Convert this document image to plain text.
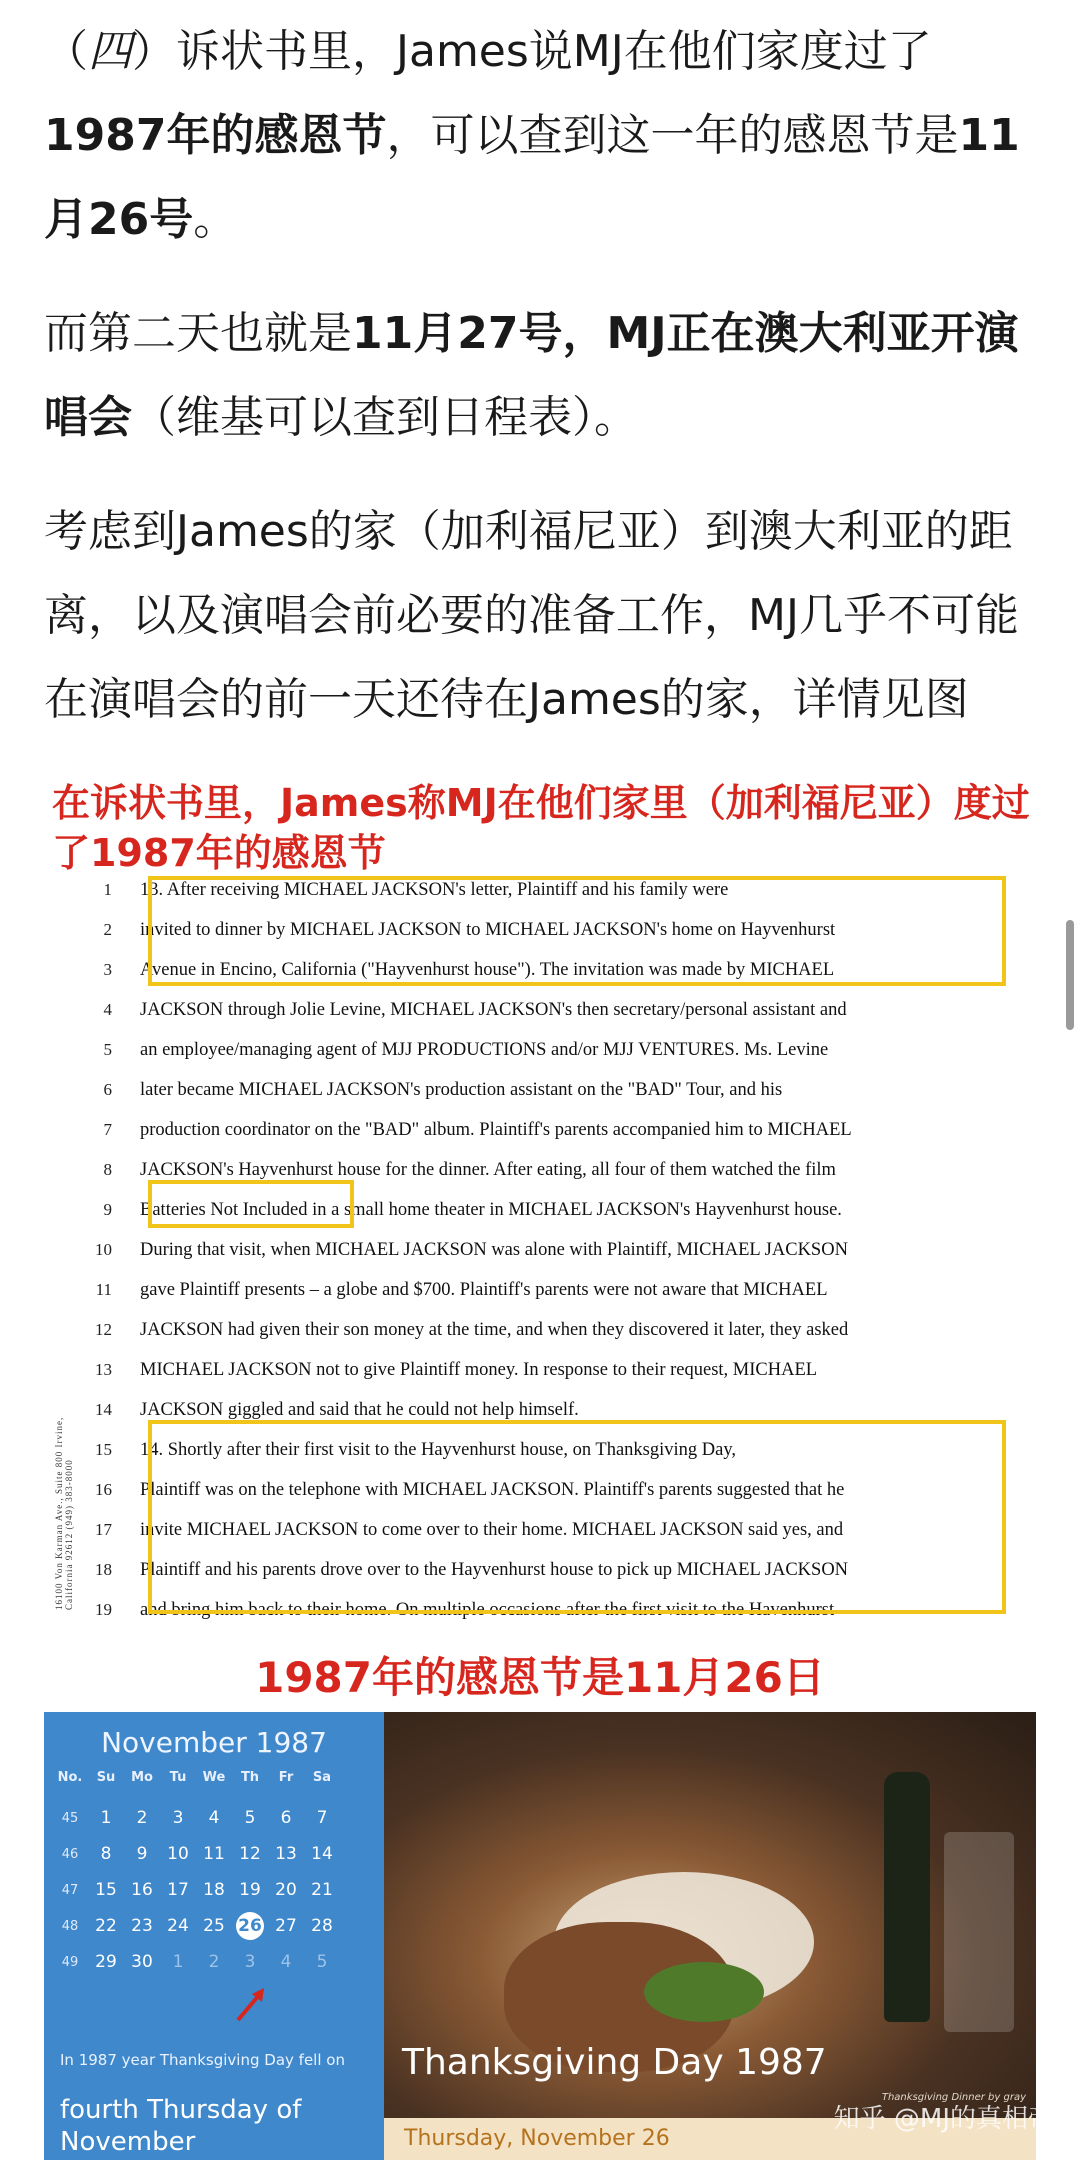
（四）诉状书里，James说MJ在他们家度过了1987年的感恩节，可以查到这一年的感恩节是11月26号。
而第二天也就是11月27号，MJ正在澳大利亚开演唱会（维基可以查到日程表）。
考虑到James的家（加利福尼亚）到澳大利亚的距离，以及演唱会前必要的准备工作，MJ几乎不可能在演唱会的前一天还待在James的家，详情见图
在诉状书里，James称MJ在他们家里（加利福尼亚）度过了1987年的感恩节
16100 Von Karman Ave., Suite 800 Irvine, California 92612 (949) 383-8000
1	13. After receiving MICHAEL JACKSON's letter, Plaintiff and his family were
2	invited to dinner by MICHAEL JACKSON to MICHAEL JACKSON's home on Hayvenhurst
3	Avenue in Encino, California ("Hayvenhurst house"). The invitation was made by MICHAEL
4	JACKSON through Jolie Levine, MICHAEL JACKSON's then secretary/personal assistant and
5	an employee/managing agent of MJJ PRODUCTIONS and/or MJJ VENTURES. Ms. Levine
6	later became MICHAEL JACKSON's production assistant on the "BAD" Tour, and his
7	production coordinator on the "BAD" album. Plaintiff's parents accompanied him to MICHAEL
8	JACKSON's Hayvenhurst house for the dinner. After eating, all four of them watched the film
9	Batteries Not Included in a small home theater in MICHAEL JACKSON's Hayvenhurst house.
10	During that visit, when MICHAEL JACKSON was alone with Plaintiff, MICHAEL JACKSON
11	gave Plaintiff presents – a globe and $700. Plaintiff's parents were not aware that MICHAEL
12	JACKSON had given their son money at the time, and when they discovered it later, they asked
13	MICHAEL JACKSON not to give Plaintiff money. In response to their request, MICHAEL
14	JACKSON giggled and said that he could not help himself.
15	14. Shortly after their first visit to the Hayvenhurst house, on Thanksgiving Day,
16	Plaintiff was on the telephone with MICHAEL JACKSON. Plaintiff's parents suggested that he
17	invite MICHAEL JACKSON to come over to their home. MICHAEL JACKSON said yes, and
18	Plaintiff and his parents drove over to the Hayvenhurst house to pick up MICHAEL JACKSON
19	and bring him back to their home. On multiple occasions after the first visit to the Havenhurst
1987年的感恩节是11月26日
November 1987
No.	Su	Mo	Tu	We	Th	Fr	Sa
45	1	2	3	4	5	6	7
46	8	9	10 11 12 13 14
47 15 16 17 18 19 20 21
48 22 23 24 25 26 27 28
49 29 30	1	2	3	4	5
In 1987 year Thanksgiving Day fell on
fourth Thursday of November
Thanksgiving Day 1987
Thanksgiving Dinner by gray
Thursday, November 26
知乎 @MJ的真相帝
